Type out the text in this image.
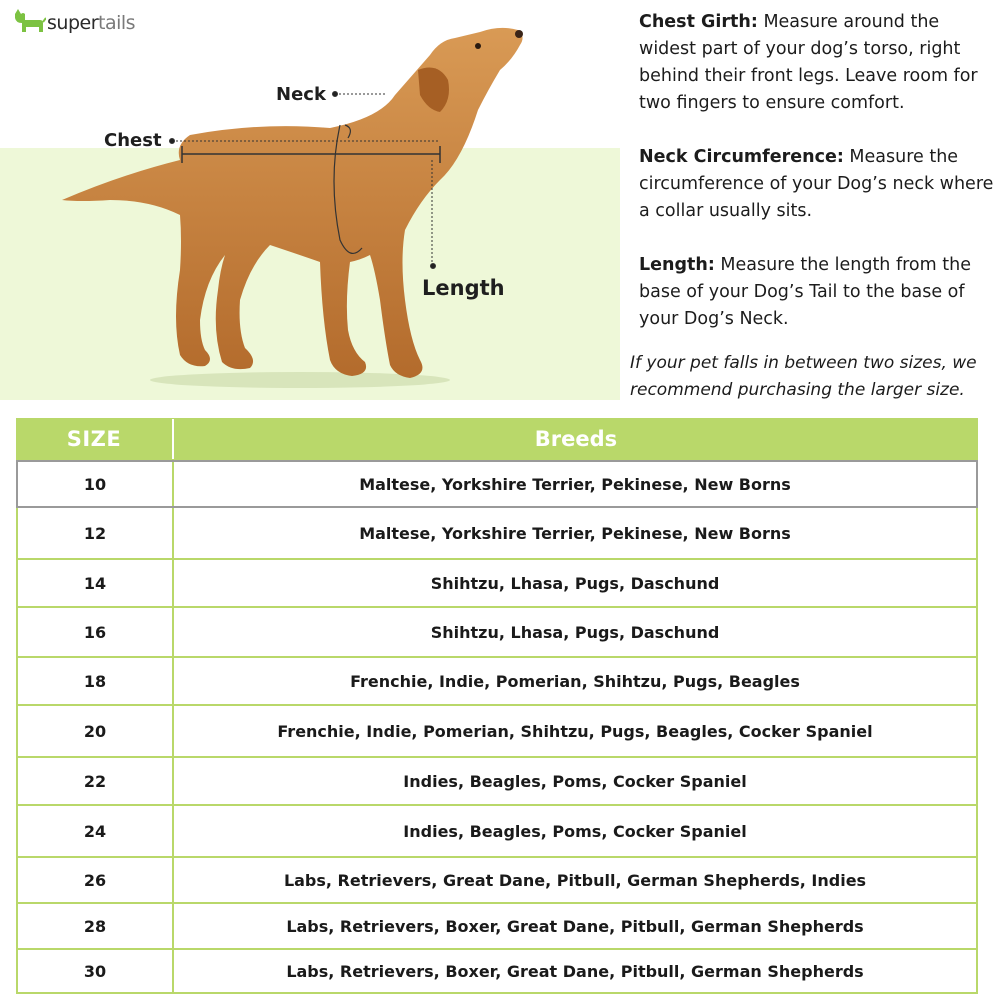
supertails
Neck
Chest
Length

Chest Girth: Measure around the widest part of your dog’s torso, right behind their front legs. Leave room for two fingers to ensure comfort.

Neck Circumference: Measure the circumference of your Dog’s neck where a collar usually sits.

Length: Measure the length from the base of your Dog’s Tail to the base of your Dog’s Neck.

If your pet falls in between two sizes, we recommend purchasing the larger size.
SIZE	Breeds
10	Maltese, Yorkshire Terrier, Pekinese, New Borns
12	Maltese, Yorkshire Terrier, Pekinese, New Borns
14	Shihtzu, Lhasa, Pugs, Daschund
16	Shihtzu, Lhasa, Pugs, Daschund
18	Frenchie, Indie, Pomerian, Shihtzu, Pugs, Beagles
20	Frenchie, Indie, Pomerian, Shihtzu, Pugs, Beagles, Cocker Spaniel
22	Indies, Beagles, Poms, Cocker Spaniel
24	Indies, Beagles, Poms, Cocker Spaniel
26	Labs, Retrievers, Great Dane, Pitbull, German Shepherds, Indies
28	Labs, Retrievers, Boxer, Great Dane, Pitbull, German Shepherds
30	Labs, Retrievers, Boxer, Great Dane, Pitbull, German Shepherds
